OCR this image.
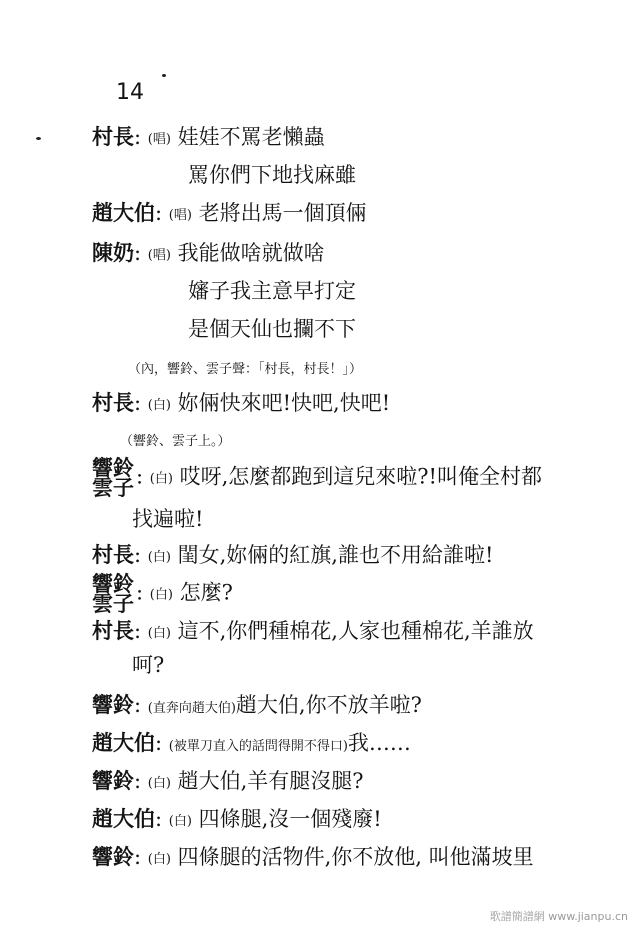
14
村長: (唱) 娃娃不罵老懶蟲
罵你們下地找麻雖
趙大伯: (唱) 老將出馬一個頂倆
陳奶: (唱) 我能做啥就做啥
嬸子我主意早打定
是個天仙也攔不下
（內，響鈴、雲子聲：「村長，村長！」）
村長: (白) 妳倆快來吧!快吧,快吧!
（響鈴、雲子上。）
響鈴
雲子 : (白) 哎呀,怎麼都跑到這兒來啦?!叫俺全村都
找遍啦!
村長: (白) 閨女,妳倆的紅旗,誰也不用給誰啦!
響鈴
雲子 : (白) 怎麼?
村長: (白) 這不,你們種棉花,人家也種棉花,羊誰放
呵?
響鈴: (直奔向趙大伯)趙大伯,你不放羊啦?
趙大伯: (被單刀直入的話問得開不得口)我……
響鈴: (白) 趙大伯,羊有腿沒腿?
趙大伯: (白) 四條腿,沒一個殘廢!
響鈴: (白) 四條腿的活物件,你不放他, 叫他滿坡里
歌譜簡譜網 www.jianpu.cn
